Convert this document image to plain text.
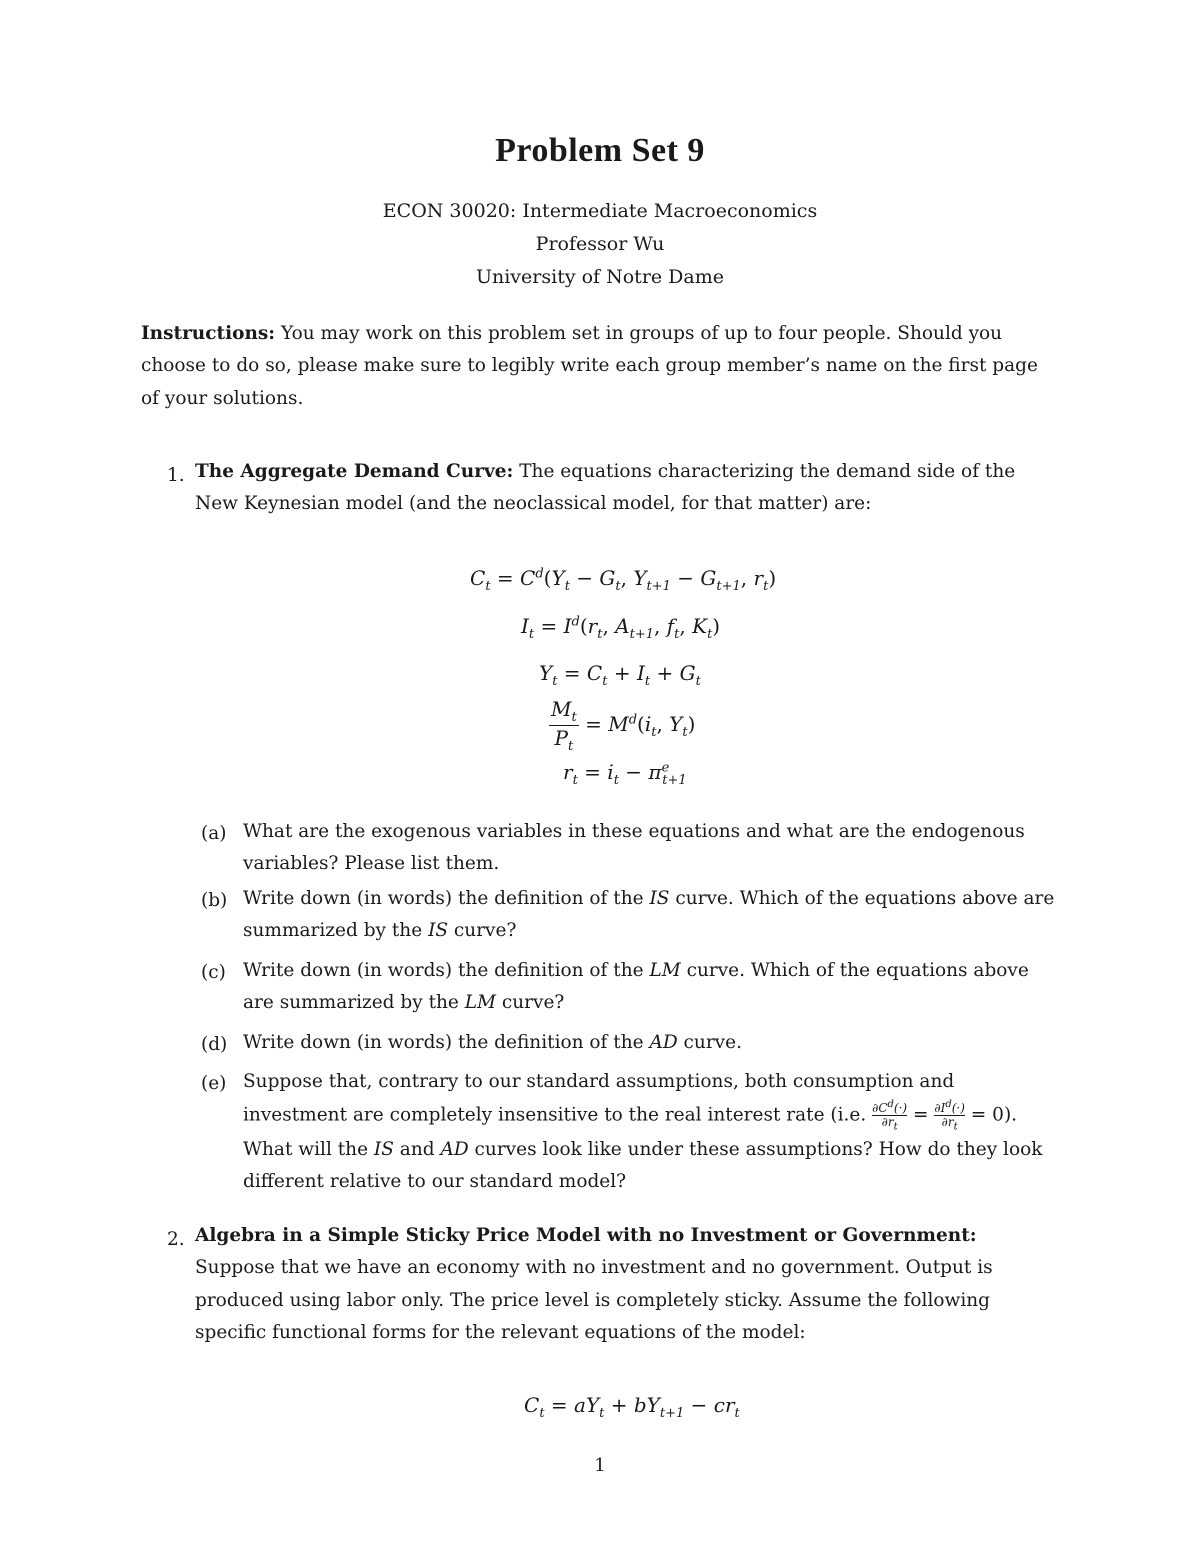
Problem Set 9
ECON 30020: Intermediate Macroeconomics
Professor Wu
University of Notre Dame
Instructions: You may work on this problem set in groups of up to four people. Should you choose to do so, please make sure to legibly write each group member’s name on the first page of your solutions.
1. The Aggregate Demand Curve: The equations characterizing the demand side of the New Keynesian model (and the neoclassical model, for that matter) are:
$C_t = C^d(Y_t - G_t$, $Y_{t+1} - G_{t+1}$, $r_t$)
$I_t = I^d(r_t$, $A_{t+1}$, $f_t$, $K_t$)
$Y_t = C_t + I_t + G_t$
$\frac{M_t}{P_t} = M^d(i_t$, $Y_t$)
$r_t = i_t - \pi^e_{t+1}$
(a) What are the exogenous variables in these equations and what are the endogenous variables? Please list them.
(b) Write down (in words) the definition of the IS curve. Which of the equations above are summarized by the IS curve?
(c) Write down (in words) the definition of the LM curve. Which of the equations above are summarized by the LM curve?
(d) Write down (in words) the definition of the AD curve.
(e) Suppose that, contrary to our standard assumptions, both consumption and investment are completely insensitive to the real interest rate (i.e. $\frac{\partial C^d(\cdot)}{\partial r_t} = \frac{\partial I^d(\cdot)}{\partial r_t} = 0$). What will the IS and AD curves look like under these assumptions? How do they look different relative to our standard model?
2. Algebra in a Simple Sticky Price Model with no Investment or Government:
Suppose that we have an economy with no investment and no government. Output is produced using labor only. The price level is completely sticky. Assume the following specific functional forms for the relevant equations of the model:
$C_t = aY_t + bY_{t+1} - cr_t$
1
